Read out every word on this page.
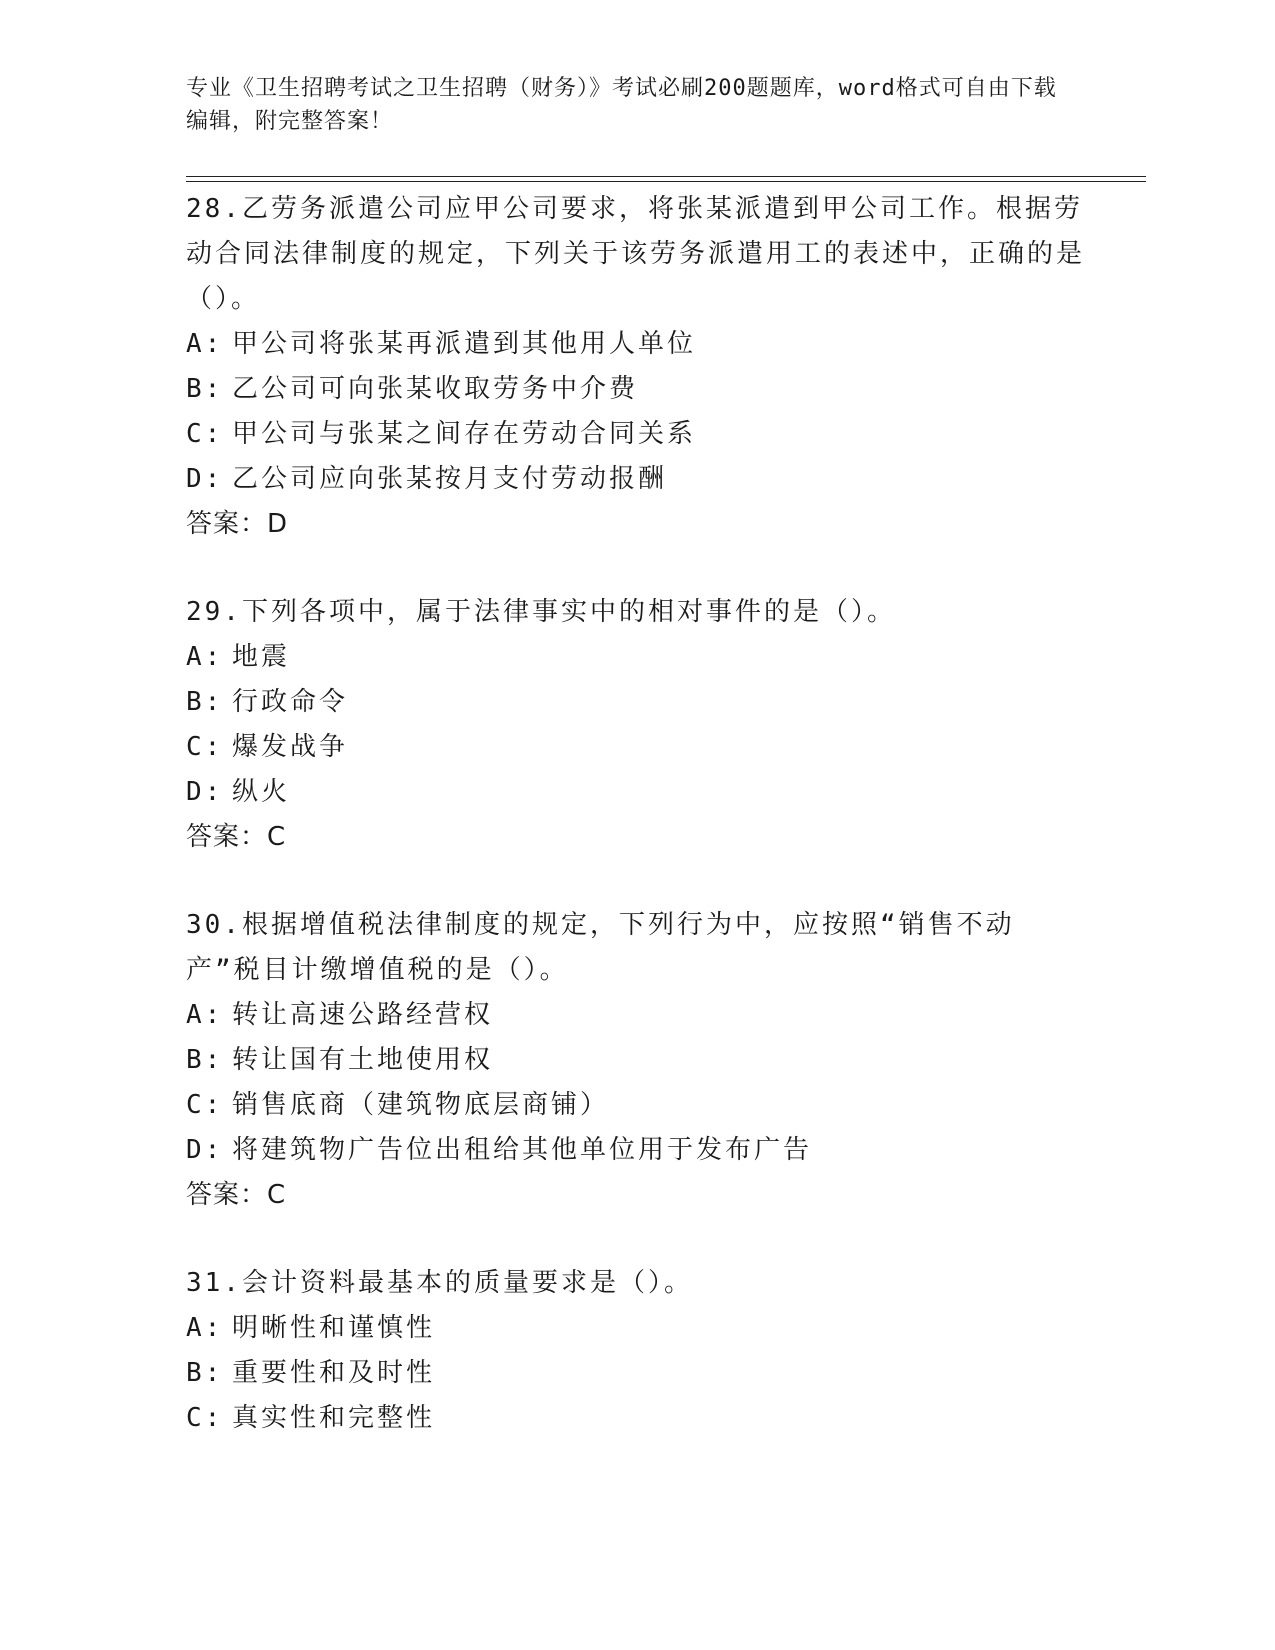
专业《卫生招聘考试之卫生招聘（财务）》考试必刷200题题库，word格式可自由下载编辑，附完整答案！
28.乙劳务派遣公司应甲公司要求，将张某派遣到甲公司工作。根据劳动合同法律制度的规定，下列关于该劳务派遣用工的表述中，正确的是（）。
A: 甲公司将张某再派遣到其他用人单位
B: 乙公司可向张某收取劳务中介费
C: 甲公司与张某之间存在劳动合同关系
D: 乙公司应向张某按月支付劳动报酬
答案：D
29.下列各项中，属于法律事实中的相对事件的是（）。
A: 地震
B: 行政命令
C: 爆发战争
D: 纵火
答案：C
30.根据增值税法律制度的规定，下列行为中，应按照“销售不动产”税目计缴增值税的是（）。
A: 转让高速公路经营权
B: 转让国有土地使用权
C: 销售底商（建筑物底层商铺）
D: 将建筑物广告位出租给其他单位用于发布广告
答案：C
31.会计资料最基本的质量要求是（）。
A: 明晰性和谨慎性
B: 重要性和及时性
C: 真实性和完整性
